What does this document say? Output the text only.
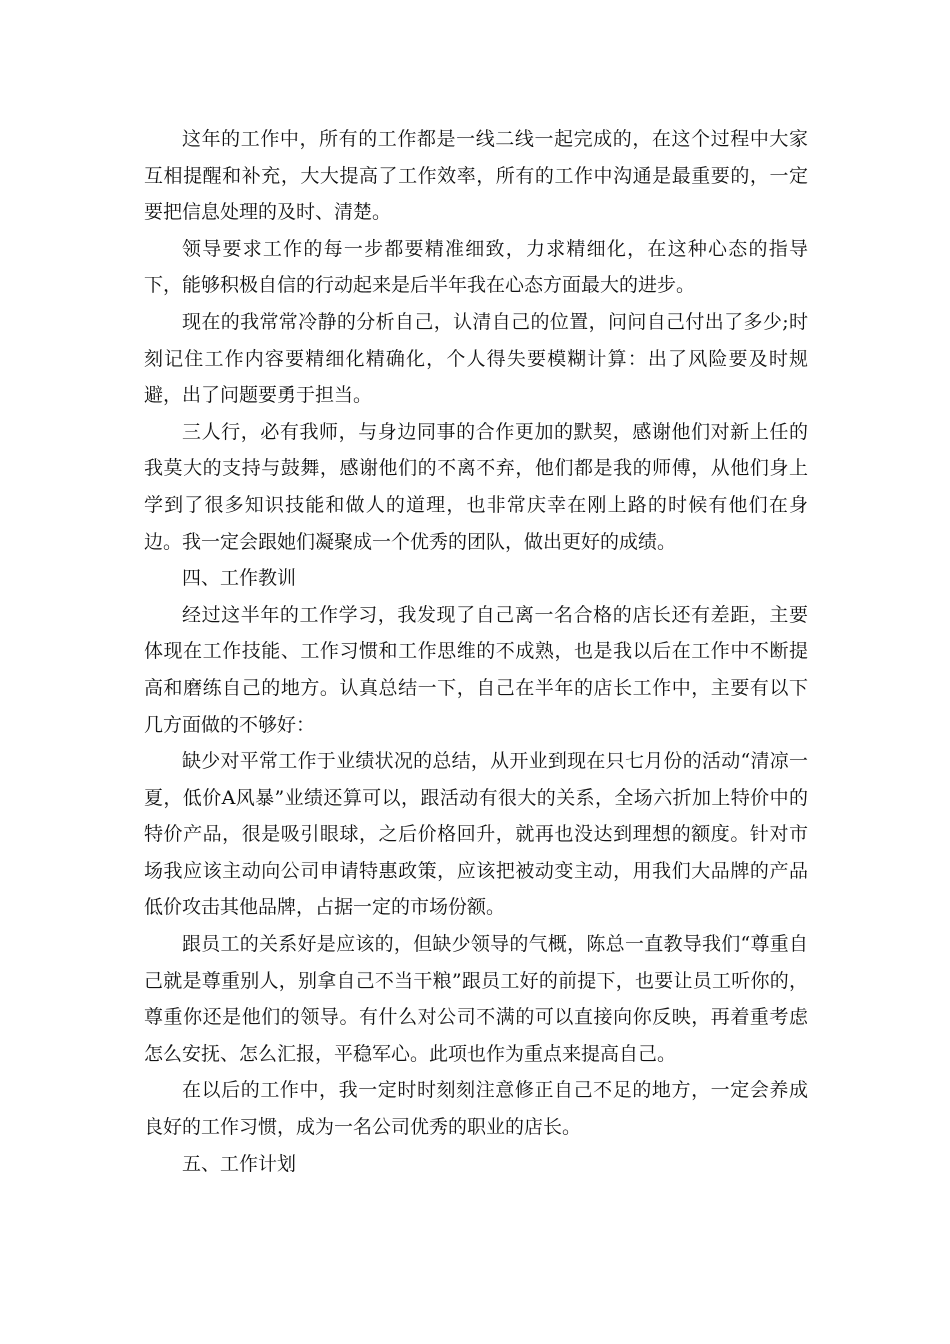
这年的工作中，所有的工作都是一线二线一起完成的，在这个过程中大家互相提醒和补充，大大提高了工作效率，所有的工作中沟通是最重要的，一定要把信息处理的及时、清楚。

领导要求工作的每一步都要精准细致，力求精细化，在这种心态的指导下，能够积极自信的行动起来是后半年我在心态方面最大的进步。

现在的我常常冷静的分析自己，认清自己的位置，问问自己付出了多少;时刻记住工作内容要精细化精确化，个人得失要模糊计算：出了风险要及时规避，出了问题要勇于担当。

三人行，必有我师，与身边同事的合作更加的默契，感谢他们对新上任的我莫大的支持与鼓舞，感谢他们的不离不弃，他们都是我的师傅，从他们身上学到了很多知识技能和做人的道理，也非常庆幸在刚上路的时候有他们在身边。我一定会跟她们凝聚成一个优秀的团队，做出更好的成绩。

四、工作教训

经过这半年的工作学习，我发现了自己离一名合格的店长还有差距，主要体现在工作技能、工作习惯和工作思维的不成熟，也是我以后在工作中不断提高和磨练自己的地方。认真总结一下，自己在半年的店长工作中，主要有以下几方面做的不够好：

缺少对平常工作于业绩状况的总结，从开业到现在只七月份的活动“清凉一夏，低价A风暴”业绩还算可以，跟活动有很大的关系，全场六折加上特价中的特价产品，很是吸引眼球，之后价格回升，就再也没达到理想的额度。针对市场我应该主动向公司申请特惠政策，应该把被动变主动，用我们大品牌的产品低价攻击其他品牌，占据一定的市场份额。

跟员工的关系好是应该的，但缺少领导的气概，陈总一直教导我们“尊重自己就是尊重别人，别拿自己不当干粮”跟员工好的前提下，也要让员工听你的，尊重你还是他们的领导。有什么对公司不满的可以直接向你反映，再着重考虑怎么安抚、怎么汇报，平稳军心。此项也作为重点来提高自己。

在以后的工作中，我一定时时刻刻注意修正自己不足的地方，一定会养成良好的工作习惯，成为一名公司优秀的职业的店长。

五、工作计划
